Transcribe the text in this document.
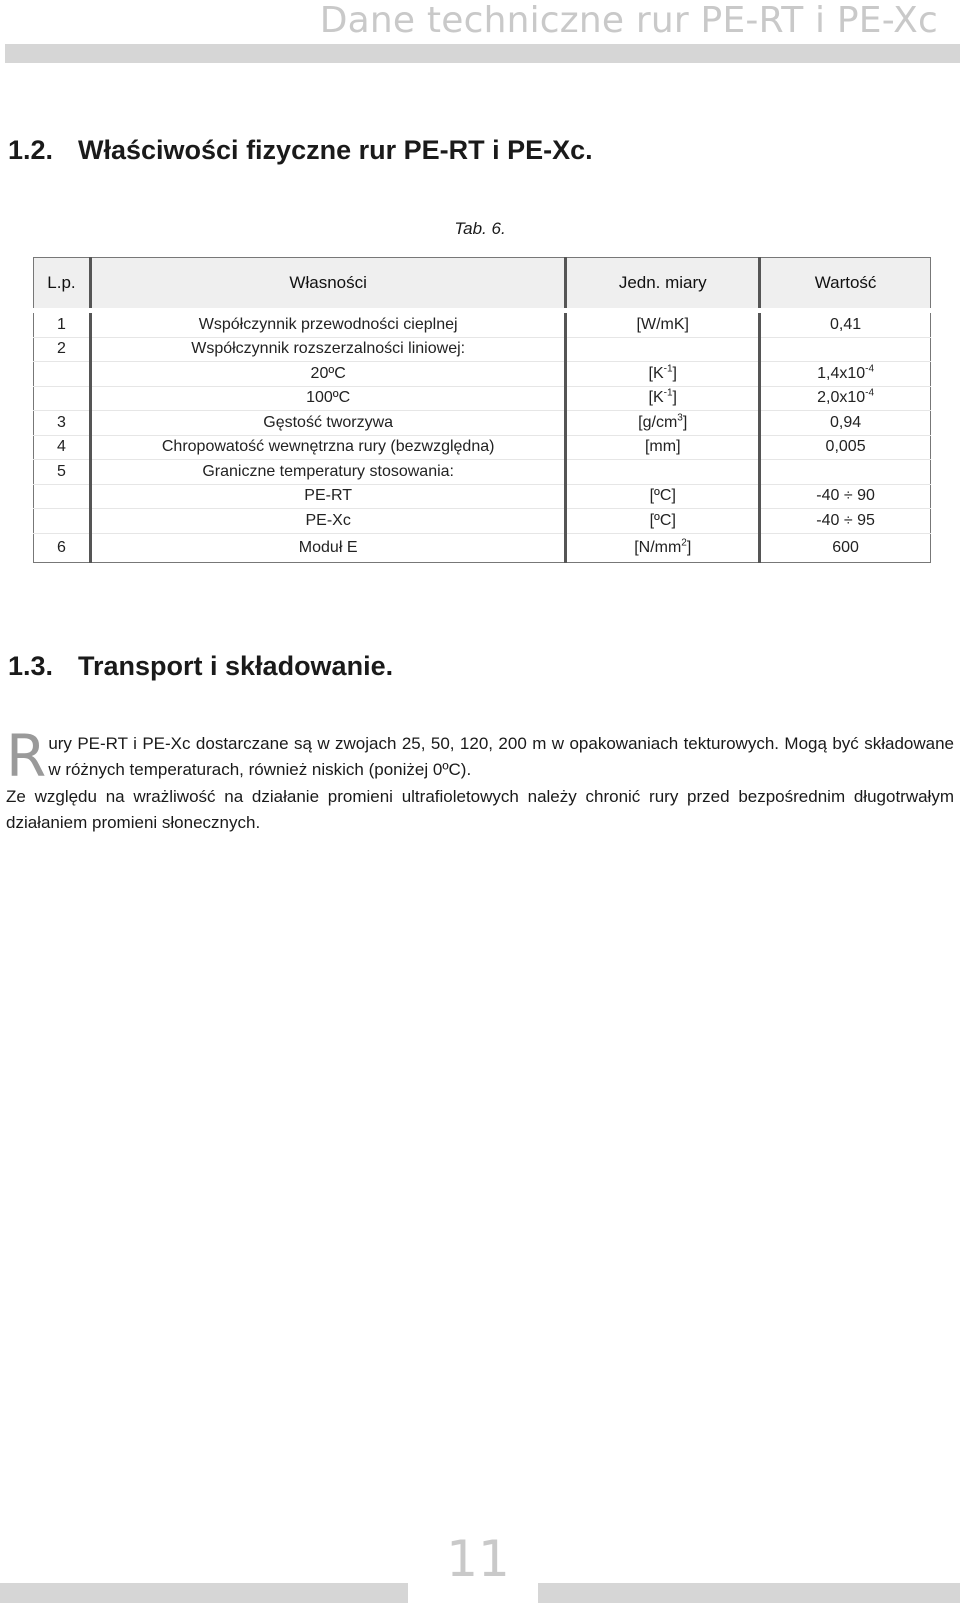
Dane techniczne rur PE-RT i PE-Xc
1.2. Właściwości fizyczne rur PE-RT i PE-Xc.
Tab. 6.
L.p.	Własności	Jedn. miary	Wartość
1	Współczynnik przewodności cieplnej	[W/mK]	0,41
2	Współczynnik rozszerzalności liniowej:		
	20ºC	$[K^{-1}]$	$1,4x10^{-4}$
	100ºC	$[K^{-1}]$	$2,0x10^{-4}$
3	Gęstość tworzywa	$[g/cm^3]$	0,94
4	Chropowatość wewnętrzna rury (bezwzględna)	[mm]	0,005
5	Graniczne temperatury stosowania:		
	PE-RT	[ºC]	-40 ÷ 90
	PE-Xc	[ºC]	-40 ÷ 95
6	Moduł E	$[N/mm^2]$	600
1.3. Transport i składowanie.
Rury PE-RT i PE-Xc dostarczane są w zwojach 25, 50, 120, 200 m w opakowaniach tekturowych. Mogą być składowane w różnych temperaturach, również niskich (poniżej 0ºC).
Ze względu na wrażliwość na działanie promieni ultrafioletowych należy chronić rury przed bezpośrednim długotrwałym działaniem promieni słonecznych.
11
